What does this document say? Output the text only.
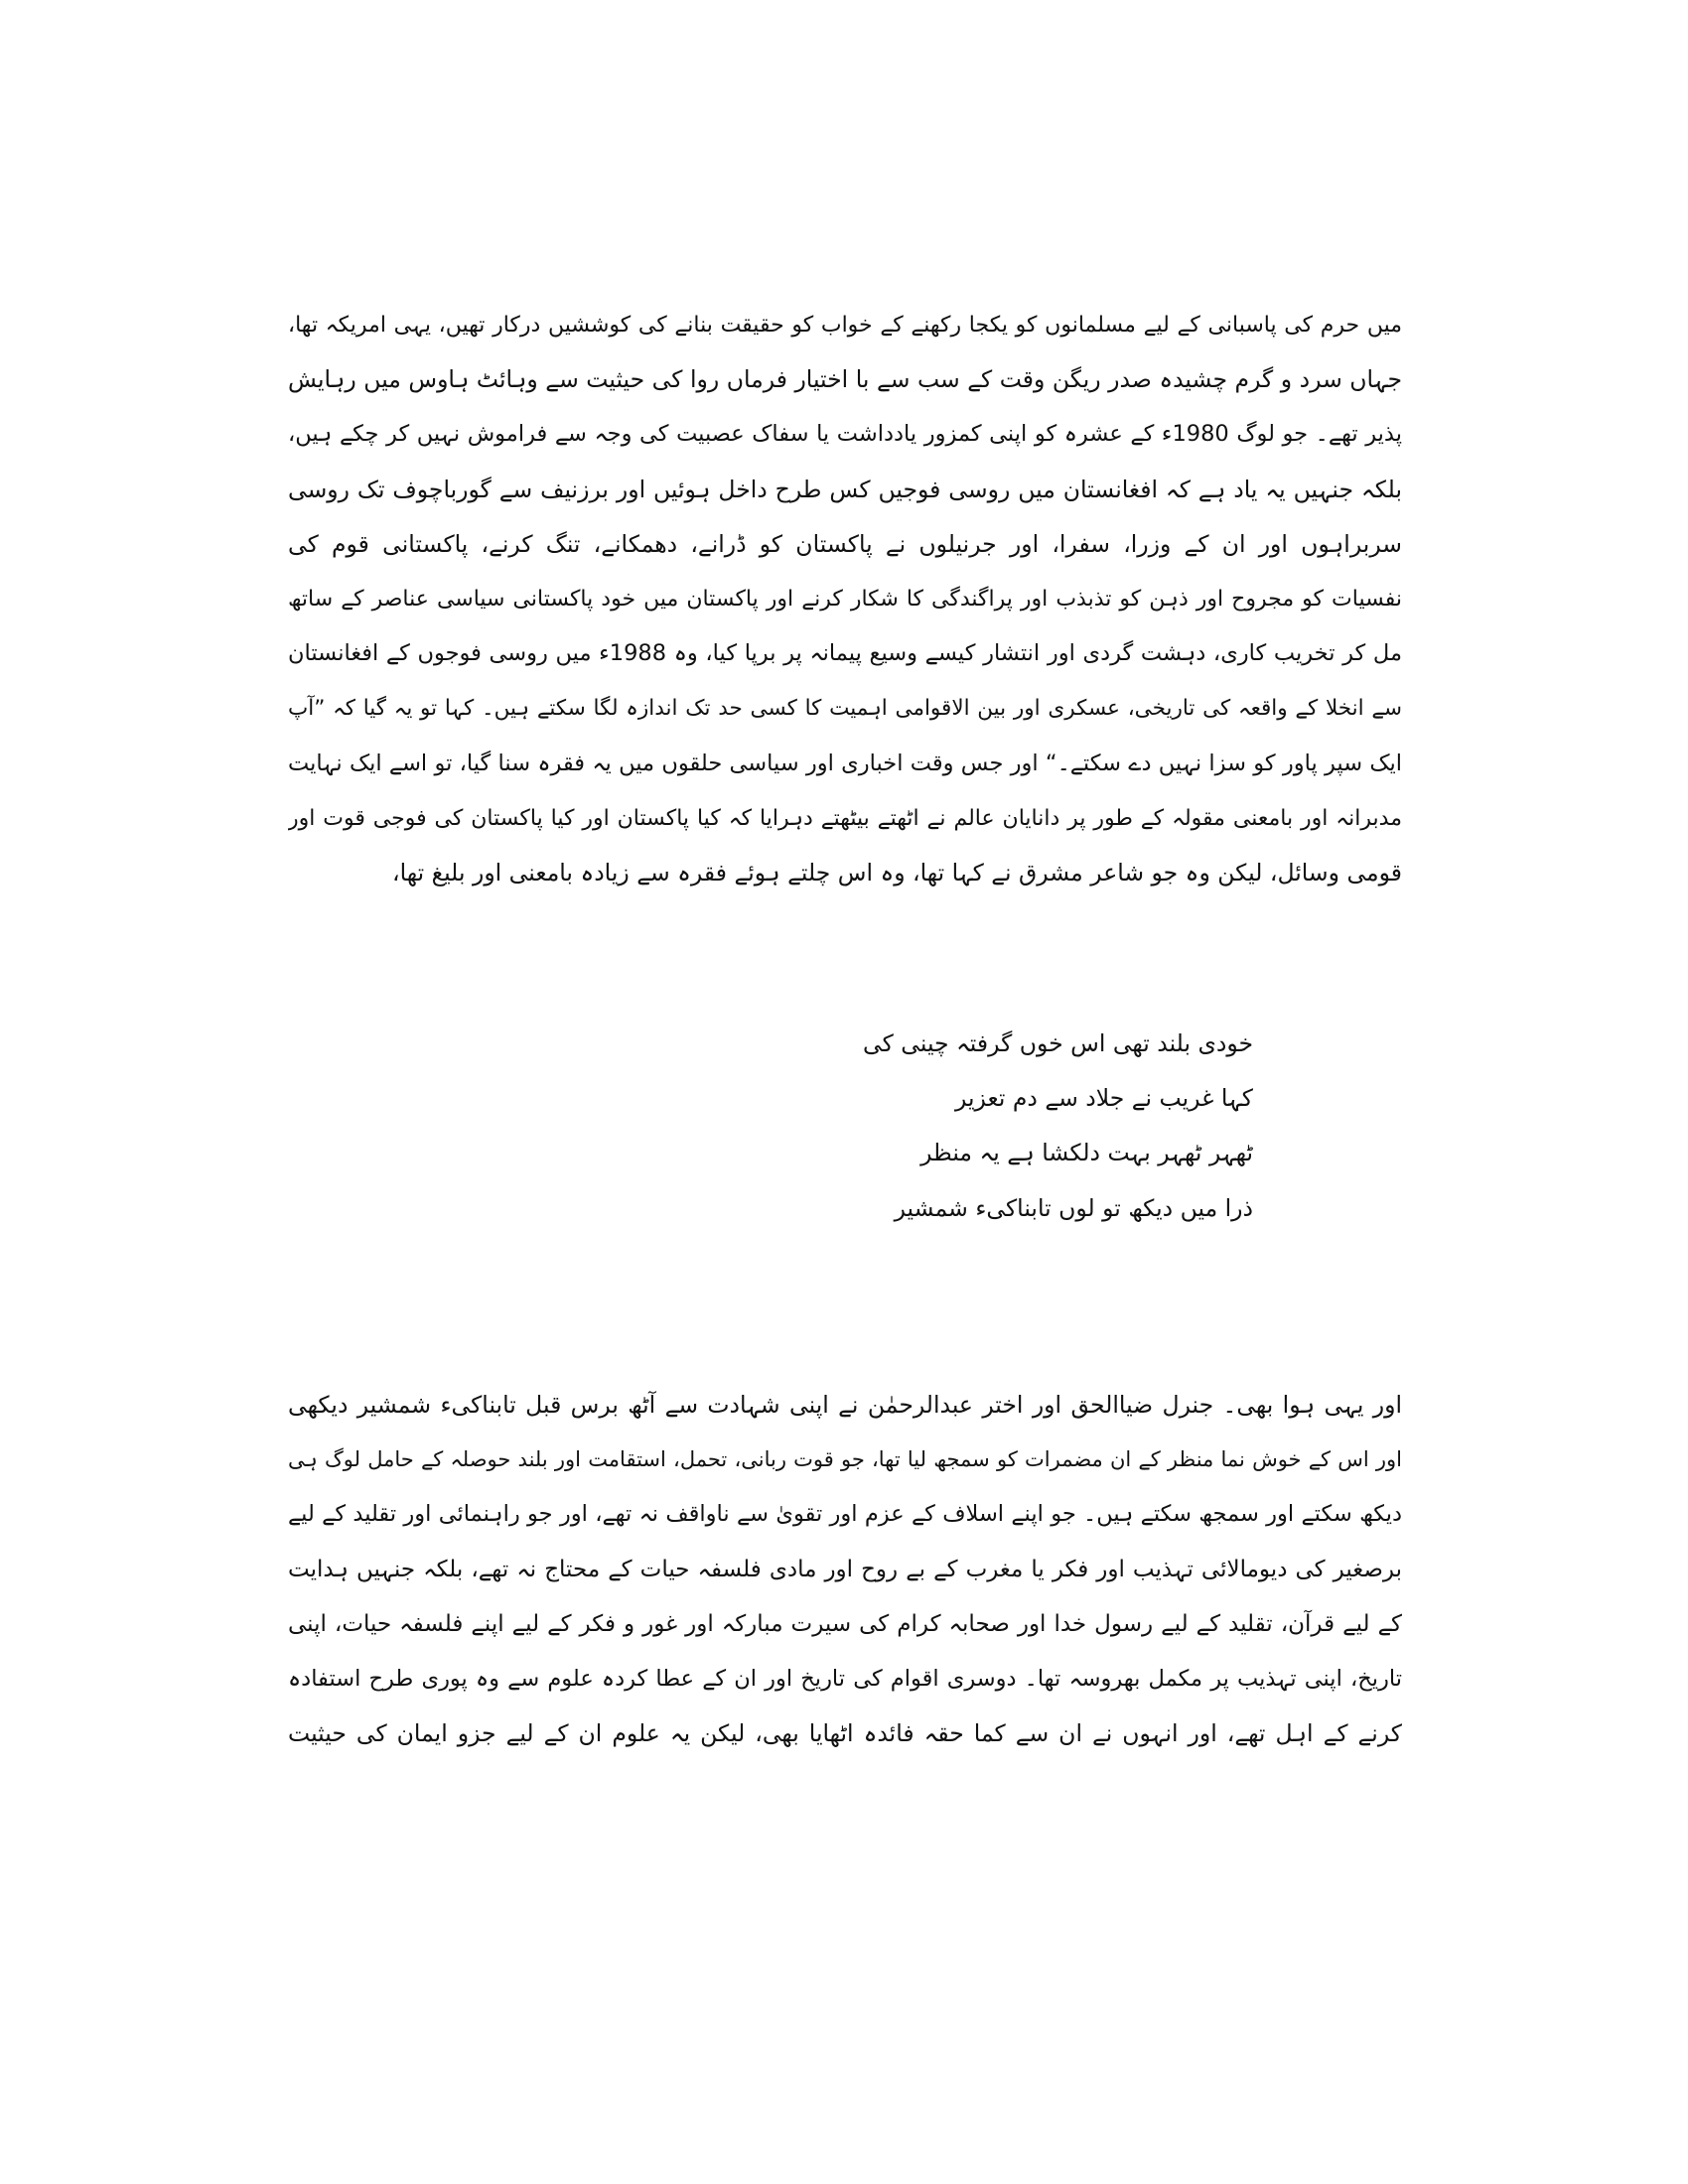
میں حرم کی پاسبانی کے لیے مسلمانوں کو یکجا رکھنے کے خواب کو حقیقت بنانے کی کوششیں درکار تھیں، یہی امریکہ تھا،
جہاں سرد و گرم چشیدہ صدر ریگن وقت کے سب سے با اختیار فرماں روا کی حیثیت سے وہائٹ ہاوس میں رہایش
پذیر تھے۔ جو لوگ 1980ء کے عشرہ کو اپنی کمزور یادداشت یا سفاک عصبیت کی وجہ سے فراموش نہیں کر چکے ہیں،
بلکہ جنہیں یہ یاد ہے کہ افغانستان میں روسی فوجیں کس طرح داخل ہوئیں اور برزنیف سے گورباچوف تک روسی
سربراہوں اور ان کے وزرا، سفرا، اور جرنیلوں نے پاکستان کو ڈرانے، دھمکانے، تنگ کرنے، پاکستانی قوم کی
نفسیات کو مجروح اور ذہن کو تذبذب اور پراگندگی کا شکار کرنے اور پاکستان میں خود پاکستانی سیاسی عناصر کے ساتھ
مل کر تخریب کاری، دہشت گردی اور انتشار کیسے وسیع پیمانہ پر برپا کیا، وہ 1988ء میں روسی فوجوں کے افغانستان
سے انخلا کے واقعہ کی تاریخی، عسکری اور بین الاقوامی اہمیت کا کسی حد تک اندازہ لگا سکتے ہیں۔ کہا تو یہ گیا کہ ”آپ
ایک سپر پاور کو سزا نہیں دے سکتے۔“ اور جس وقت اخباری اور سیاسی حلقوں میں یہ فقرہ سنا گیا، تو اسے ایک نہایت
مدبرانہ اور بامعنی مقولہ کے طور پر دانایان عالم نے اٹھتے بیٹھتے دہرایا کہ کیا پاکستان اور کیا پاکستان کی فوجی قوت اور
قومی وسائل، لیکن وہ جو شاعر مشرق نے کہا تھا، وہ اس چلتے ہوئے فقرہ سے زیادہ بامعنی اور بلیغ تھا،
خودی بلند تھی اس خوں گرفتہ چینی کی
کہا غریب نے جلاد سے دم تعزیر
ٹھہر ٹھہر بہت دلکشا ہے یہ منظر
ذرا میں دیکھ تو لوں تابناکیء شمشیر
اور یہی ہوا بھی۔ جنرل ضیاالحق اور اختر عبدالرحمٰن نے اپنی شہادت سے آٹھ برس قبل تابناکیء شمشیر دیکھی
اور اس کے خوش نما منظر کے ان مضمرات کو سمجھ لیا تھا، جو قوت ربانی، تحمل، استقامت اور بلند حوصلہ کے حامل لوگ ہی
دیکھ سکتے اور سمجھ سکتے ہیں۔ جو اپنے اسلاف کے عزم اور تقویٰ سے ناواقف نہ تھے، اور جو راہنمائی اور تقلید کے لیے
برصغیر کی دیومالائی تہذیب اور فکر یا مغرب کے بے روح اور مادی فلسفہ حیات کے محتاج نہ تھے، بلکہ جنہیں ہدایت
کے لیے قرآن، تقلید کے لیے رسول خدا اور صحابہ کرام کی سیرت مبارکہ اور غور و فکر کے لیے اپنے فلسفہ حیات، اپنی
تاریخ، اپنی تہذیب پر مکمل بھروسہ تھا۔ دوسری اقوام کی تاریخ اور ان کے عطا کردہ علوم سے وہ پوری طرح استفادہ
کرنے کے اہل تھے، اور انہوں نے ان سے کما حقہ فائدہ اٹھایا بھی، لیکن یہ علوم ان کے لیے جزو ایمان کی حیثیت
